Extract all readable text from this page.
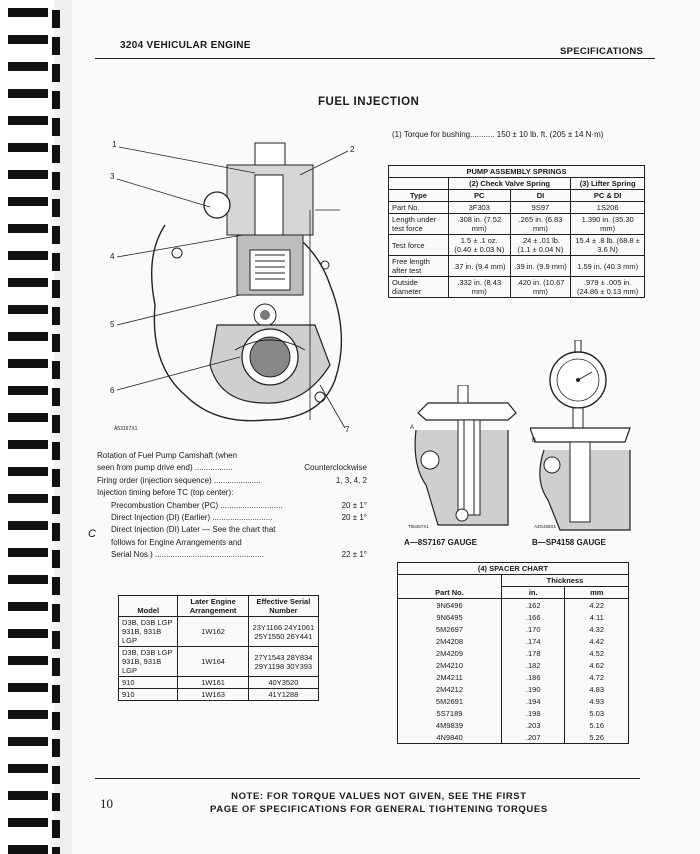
3204 VEHICULAR ENGINE
SPECIFICATIONS
FUEL INJECTION
1
2
3
4
5
6
7
A53167X1
(1) Torque for bushing........... 150 ± 10 lb. ft. (205 ± 14 N·m)
PUMP ASSEMBLY SPRINGS			
	(2) Check Valve Spring		(3) Lifter Spring
Type	PC	DI	PC & DI
Part No.	3F303	9S97	1S206
Length under test force	.308 in. (7.52 mm)	.265 in. (6.83 mm)	1.390 in. (35.30 mm)
Test force	1.5 ± .1 oz. (0.40 ± 0.03 N)	.24 ± .01 lb. (1.1 ± 0.04 N)	15.4 ± .8 lb. (68.8 ± 3.6 N)
Free length after test	.37 in. (9.4 mm)	.39 in. (9.9 mm)	1.59 in. (40.3 mm)
Outside diameter	.332 in. (8.43 mm)	.420 in. (10.67 mm)	.979 ± .005 in. (24.86 ± 0.13 mm)
A
T56457X1
B
A4G458X1
A—8S7167 GAUGE	B—SP4158 GAUGE
Rotation of Fuel Pump Camshaft (when
seen from pump drive end) .................	Counterclockwise
Firing order (injection sequence) .....................	1, 3, 4, 2
Injection timing before TC (top center):
Precombustion Chamber (PC) ............................	20 ± 1°
Direct Injection (DI) (Earlier) ...........................	20 ± 1°
Direct Injection (DI) Later — See the chart that
follows for Engine Arrangements and
Serial Nos.) .................................................	22 ± 1°
C
Model	Later Engine Arrangement	Effective Serial Number
D3B, D3B LGP 931B, 931B LGP	1W162	23Y1166 24Y1061 25Y1550 26Y441
D3B, D3B LGP 931B, 931B LGP	1W164	27Y1543 28Y834 29Y1198 30Y393
910	1W161	40Y3520
910	1W163	41Y1288
(4) SPACER CHART		
Part No.	Thickness	
	in.	mm
9N6496	.162	4.22
9N6495	.166	4.11
5M2697	.170	4.32
2M4208	.174	4.42
2M4209	.178	4.52
2M4210	.182	4.62
2M4211	.186	4.72
2M4212	.190	4.83
5M2691	.194	4.93
5S7189	.198	5.03
4M9839	.203	5.16
4N9840	.207	5.26
10	NOTE: FOR TORQUE VALUES NOT GIVEN, SEE THE FIRST
PAGE OF SPECIFICATIONS FOR GENERAL TIGHTENING TORQUES
